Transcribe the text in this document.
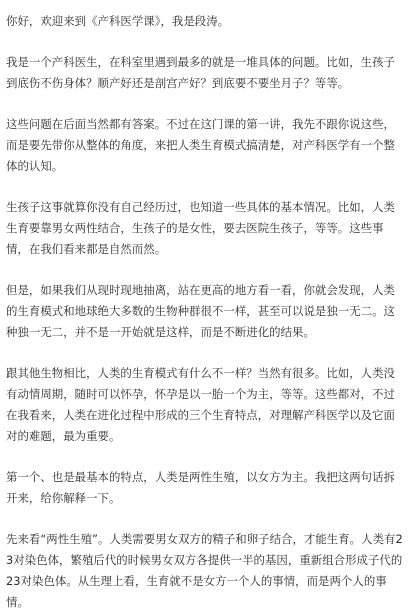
你好，欢迎来到《产科医学课》，我是段涛。

我是一个产科医生，在科室里遇到最多的就是一堆具体的问题。比如，生孩子到底伤不伤身体？顺产好还是剖宫产好？到底要不要坐月子？等等。

这些问题在后面当然都有答案。不过在这门课的第一讲，我先不跟你说这些，而是要先带你从整体的角度，来把人类生育模式搞清楚，对产科医学有一个整体的认知。

生孩子这事就算你没有自己经历过，也知道一些具体的基本情况。比如，人类生育要靠男女两性结合，生孩子的是女性，要去医院生孩子，等等。这些事情，在我们看来都是自然而然。

但是，如果我们从现时现地抽离，站在更高的地方看一看，你就会发现，人类的生育模式和地球绝大多数的生物种群很不一样，甚至可以说是独一无二。这种独一无二，并不是一开始就是这样，而是不断进化的结果。

跟其他生物相比，人类的生育模式有什么不一样？当然有很多。比如，人类没有动情周期，随时可以怀孕，怀孕是以一胎一个为主，等等。这些都对，不过在我看来，人类在进化过程中形成的三个生育特点，对理解产科医学以及它面对的难题，最为重要。

第一个、也是最基本的特点，人类是两性生殖，以女方为主。我把这两句话拆开来，给你解释一下。

先来看“两性生殖”。人类需要男女双方的精子和卵子结合，才能生育。人类有23对染色体，繁殖后代的时候男女双方各提供一半的基因，重新组合形成子代的23对染色体。从生理上看，生育就不是女方一个人的事情，而是两个人的事情。
